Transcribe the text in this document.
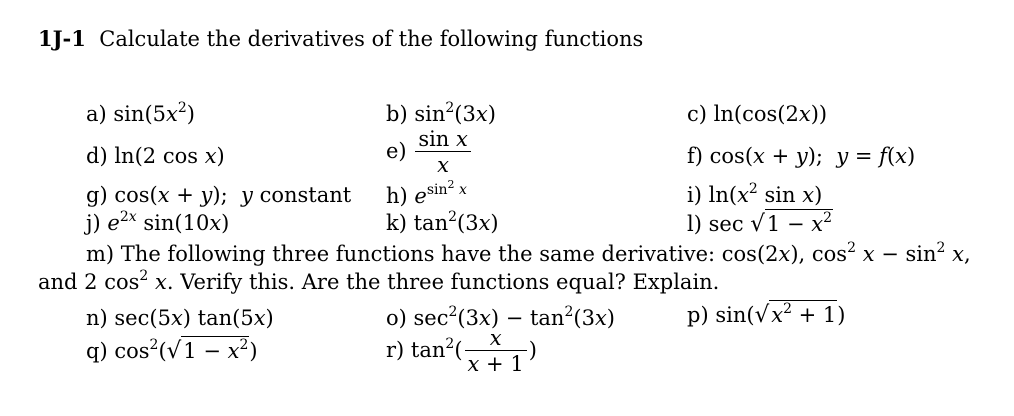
1J-1 Calculate the derivatives of the following functions
a) $\sin(5x^2)$	b) $\sin^2(3x)$	c) ln(cos(2x))
d) ln(2 cos x)	$e) \frac{\text{sin x}}{x}$	f) cos(x + y);  y = f(x)
g) cos(x + y);  y constant h) $e^{sin^2 x}$	i) $\ln(x^2$ sin x)
j) $e^{2x}$ sin(10x)	k) $\tan^2(3x)$	l) $\sec √1 - x^2$
m) The following three functions have the same derivative: cos(2x), $\cos^2 x - \sin^2 x$,
and 2 $\cos^2 x$. Verify this. Are the three functions equal? Explain.
n) sec(5x) tan(5x)	o) $\sec^2(3x) - \tan^2(3x)$	p) $\sin(√x^2 + 1)$
q) $\cos^2(√1 - x^2)$	r) $\tan^2( \frac{x}{x + 1}$ )
